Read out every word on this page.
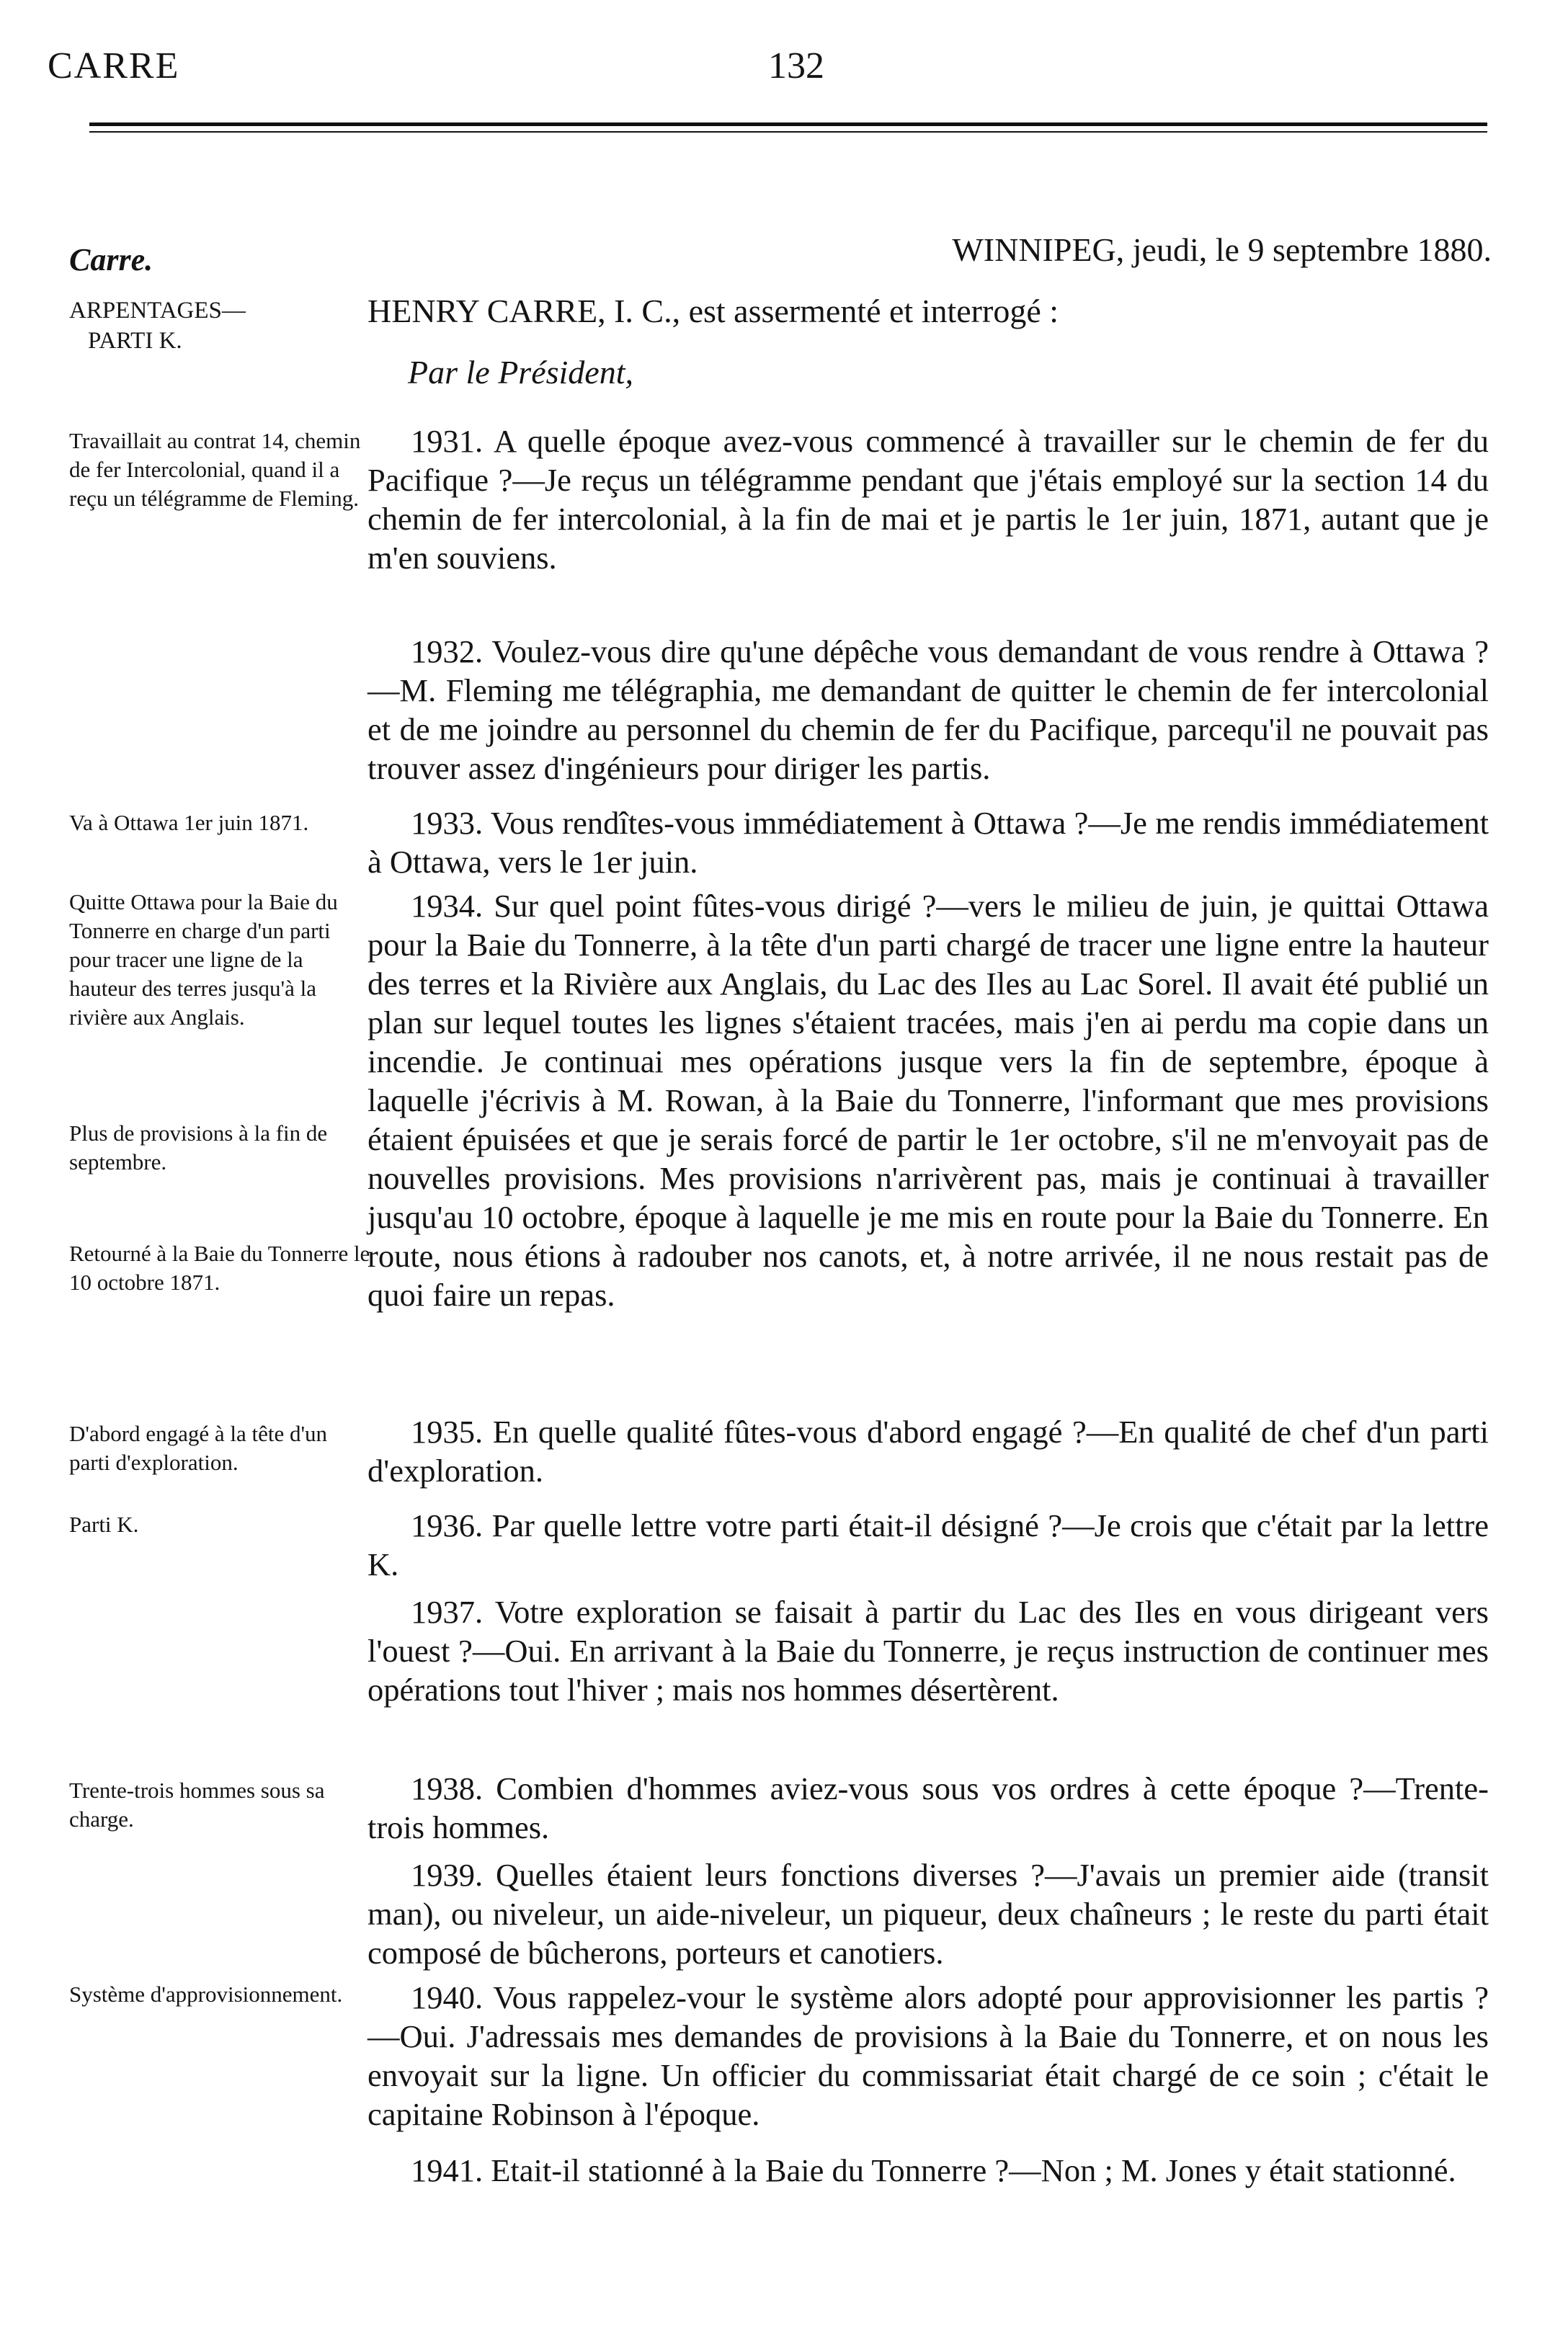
CARRE	132
Carre.	WINNIPEG, jeudi, le 9 septembre 1880.
ARPENTAGES—
PARTI K.
HENRY CARRE, I. C., est assermenté et interrogé :
Par le Président,
Travaillait au contrat 14, chemin de fer Intercolonial, quand il a reçu un télégramme de Fleming.
Va à Ottawa 1er juin 1871.
Quitte Ottawa pour la Baie du Tonnerre en charge d'un parti pour tracer une ligne de la hauteur des terres jusqu'à la rivière aux Anglais.
Plus de provisions à la fin de septembre.
Retourné à la Baie du Tonnerre le 10 octobre 1871.
D'abord engagé à la tête d'un parti d'exploration.
Parti K.
Trente-trois hommes sous sa charge.
Système d'approvisionnement.

1931. A quelle époque avez-vous commencé à travailler sur le chemin de fer du Pacifique ?—Je reçus un télégramme pendant que j'étais employé sur la section 14 du chemin de fer intercolonial, à la fin de mai et je partis le 1er juin, 1871, autant que je m'en souviens.

1932. Voulez-vous dire qu'une dépêche vous demandant de vous rendre à Ottawa ?—M. Fleming me télégraphia, me demandant de quitter le chemin de fer intercolonial et de me joindre au personnel du chemin de fer du Pacifique, parcequ'il ne pouvait pas trouver assez d'ingénieurs pour diriger les partis.

1933. Vous rendîtes-vous immédiatement à Ottawa ?—Je me rendis immédiatement à Ottawa, vers le 1er juin.

1934. Sur quel point fûtes-vous dirigé ?—vers le milieu de juin, je quittai Ottawa pour la Baie du Tonnerre, à la tête d'un parti chargé de tracer une ligne entre la hauteur des terres et la Rivière aux Anglais, du Lac des Iles au Lac Sorel. Il avait été publié un plan sur lequel toutes les lignes s'étaient tracées, mais j'en ai perdu ma copie dans un incendie. Je continuai mes opérations jusque vers la fin de septembre, époque à laquelle j'écrivis à M. Rowan, à la Baie du Tonnerre, l'informant que mes provisions étaient épuisées et que je serais forcé de partir le 1er octobre, s'il ne m'envoyait pas de nouvelles provisions. Mes provisions n'arrivèrent pas, mais je continuai à travailler jusqu'au 10 octobre, époque à laquelle je me mis en route pour la Baie du Tonnerre. En route, nous étions à radouber nos canots, et, à notre arrivée, il ne nous restait pas de quoi faire un repas.

1935. En quelle qualité fûtes-vous d'abord engagé ?—En qualité de chef d'un parti d'exploration.

1936. Par quelle lettre votre parti était-il désigné ?—Je crois que c'était par la lettre K.

1937. Votre exploration se faisait à partir du Lac des Iles en vous dirigeant vers l'ouest ?—Oui. En arrivant à la Baie du Tonnerre, je reçus instruction de continuer mes opérations tout l'hiver ; mais nos hommes désertèrent.

1938. Combien d'hommes aviez-vous sous vos ordres à cette époque ?—Trente-trois hommes.

1939. Quelles étaient leurs fonctions diverses ?—J'avais un premier aide (transit man), ou niveleur, un aide-niveleur, un piqueur, deux chaîneurs ; le reste du parti était composé de bûcherons, porteurs et canotiers.

1940. Vous rappelez-vour le système alors adopté pour approvisionner les partis ?—Oui. J'adressais mes demandes de provisions à la Baie du Tonnerre, et on nous les envoyait sur la ligne. Un officier du commissariat était chargé de ce soin ; c'était le capitaine Robinson à l'époque.

1941. Etait-il stationné à la Baie du Tonnerre ?—Non ; M. Jones y était stationné.
